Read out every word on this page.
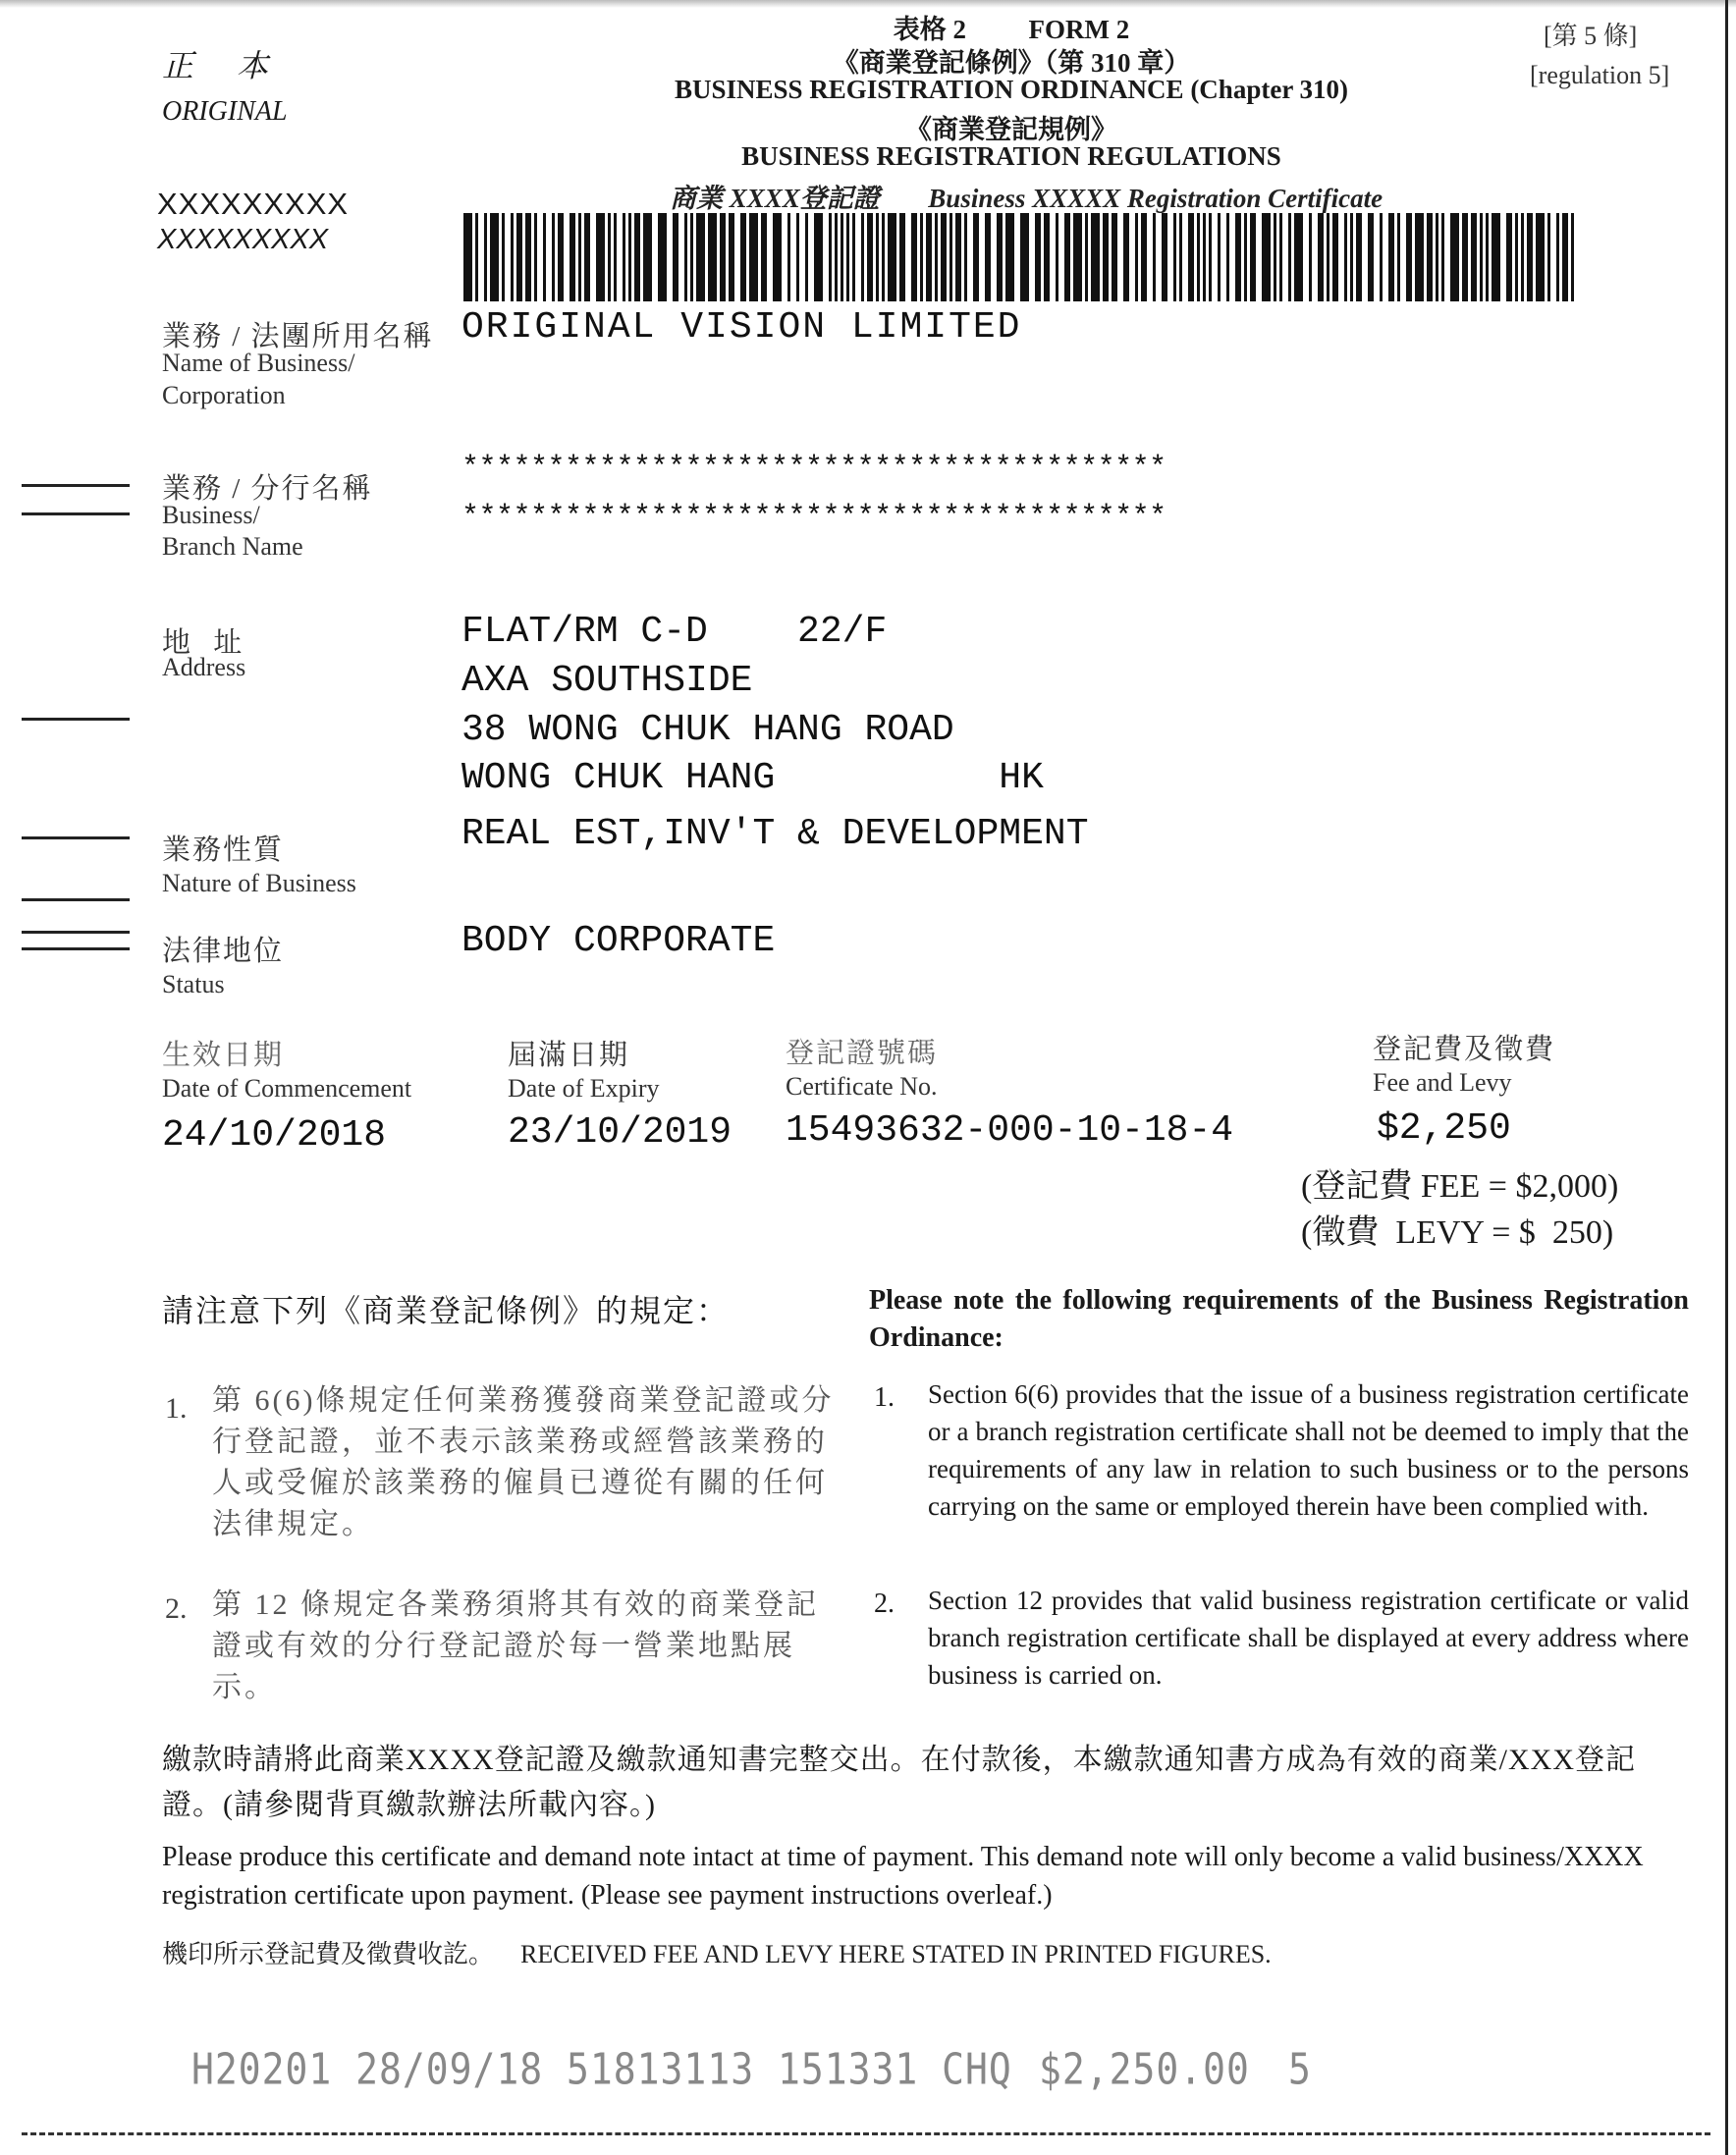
正　本
ORIGINAL
XXXXXXXXX
XXXXXXXXX
表格 2 FORM 2
《商業登記條例》（第 310 章）
BUSINESS REGISTRATION ORDINANCE (Chapter 310)
《商業登記規例》
BUSINESS REGISTRATION REGULATIONS
商業 XXXX登記證 Business XXXXX Registration Certificate
[第 5 條]
[regulation 5]
業務 / 法團所用名稱
Name of Business/
Corporation
ORIGINAL VISION LIMITED
業務 / 分行名稱
Business/
Branch Name
*****************************************
*****************************************
地 址
Address
FLAT/RM C-D    22/F
AXA SOUTHSIDE
38 WONG CHUK HANG ROAD
WONG CHUK HANG          HK
業務性質
Nature of Business
REAL EST,INV'T & DEVELOPMENT
法律地位
Status
BODY CORPORATE
生效日期
Date of Commencement
24/10/2018
屆滿日期
Date of Expiry
23/10/2019
登記證號碼
Certificate No.
15493632-000-10-18-4
登記費及徵費
Fee and Levy
$2,250
(登記費 FEE = $2,000)
(徵費  LEVY = $  250)
請注意下列《商業登記條例》的規定：	Please note the following requirements of the Business Registration Ordinance:
1. 第 6(6)條規定任何業務獲發商業登記證或分行登記證，並不表示該業務或經營該業務的人或受僱於該業務的僱員已遵從有關的任何法律規定。
1. Section 6(6) provides that the issue of a business registration certificate or a branch registration certificate shall not be deemed to imply that the requirements of any law in relation to such business or to the persons carrying on the same or employed therein have been complied with.
2. 第 12 條規定各業務須將其有效的商業登記證或有效的分行登記證於每一營業地點展示。
2. Section 12 provides that valid business registration certificate or valid branch registration certificate shall be displayed at every address where business is carried on.
繳款時請將此商業XXXX登記證及繳款通知書完整交出。在付款後，本繳款通知書方成為有效的商業/XXX登記證。(請參閱背頁繳款辦法所載內容。)
Please produce this certificate and demand note intact at time of payment. This demand note will only become a valid business/XXXX registration certificate upon payment. (Please see payment instructions overleaf.)
機印所示登記費及徵費收訖。 RECEIVED FEE AND LEVY HERE STATED IN PRINTED FIGURES.
H20201 28/09/18 51813113 151331 CHQ $2,250.00 5
